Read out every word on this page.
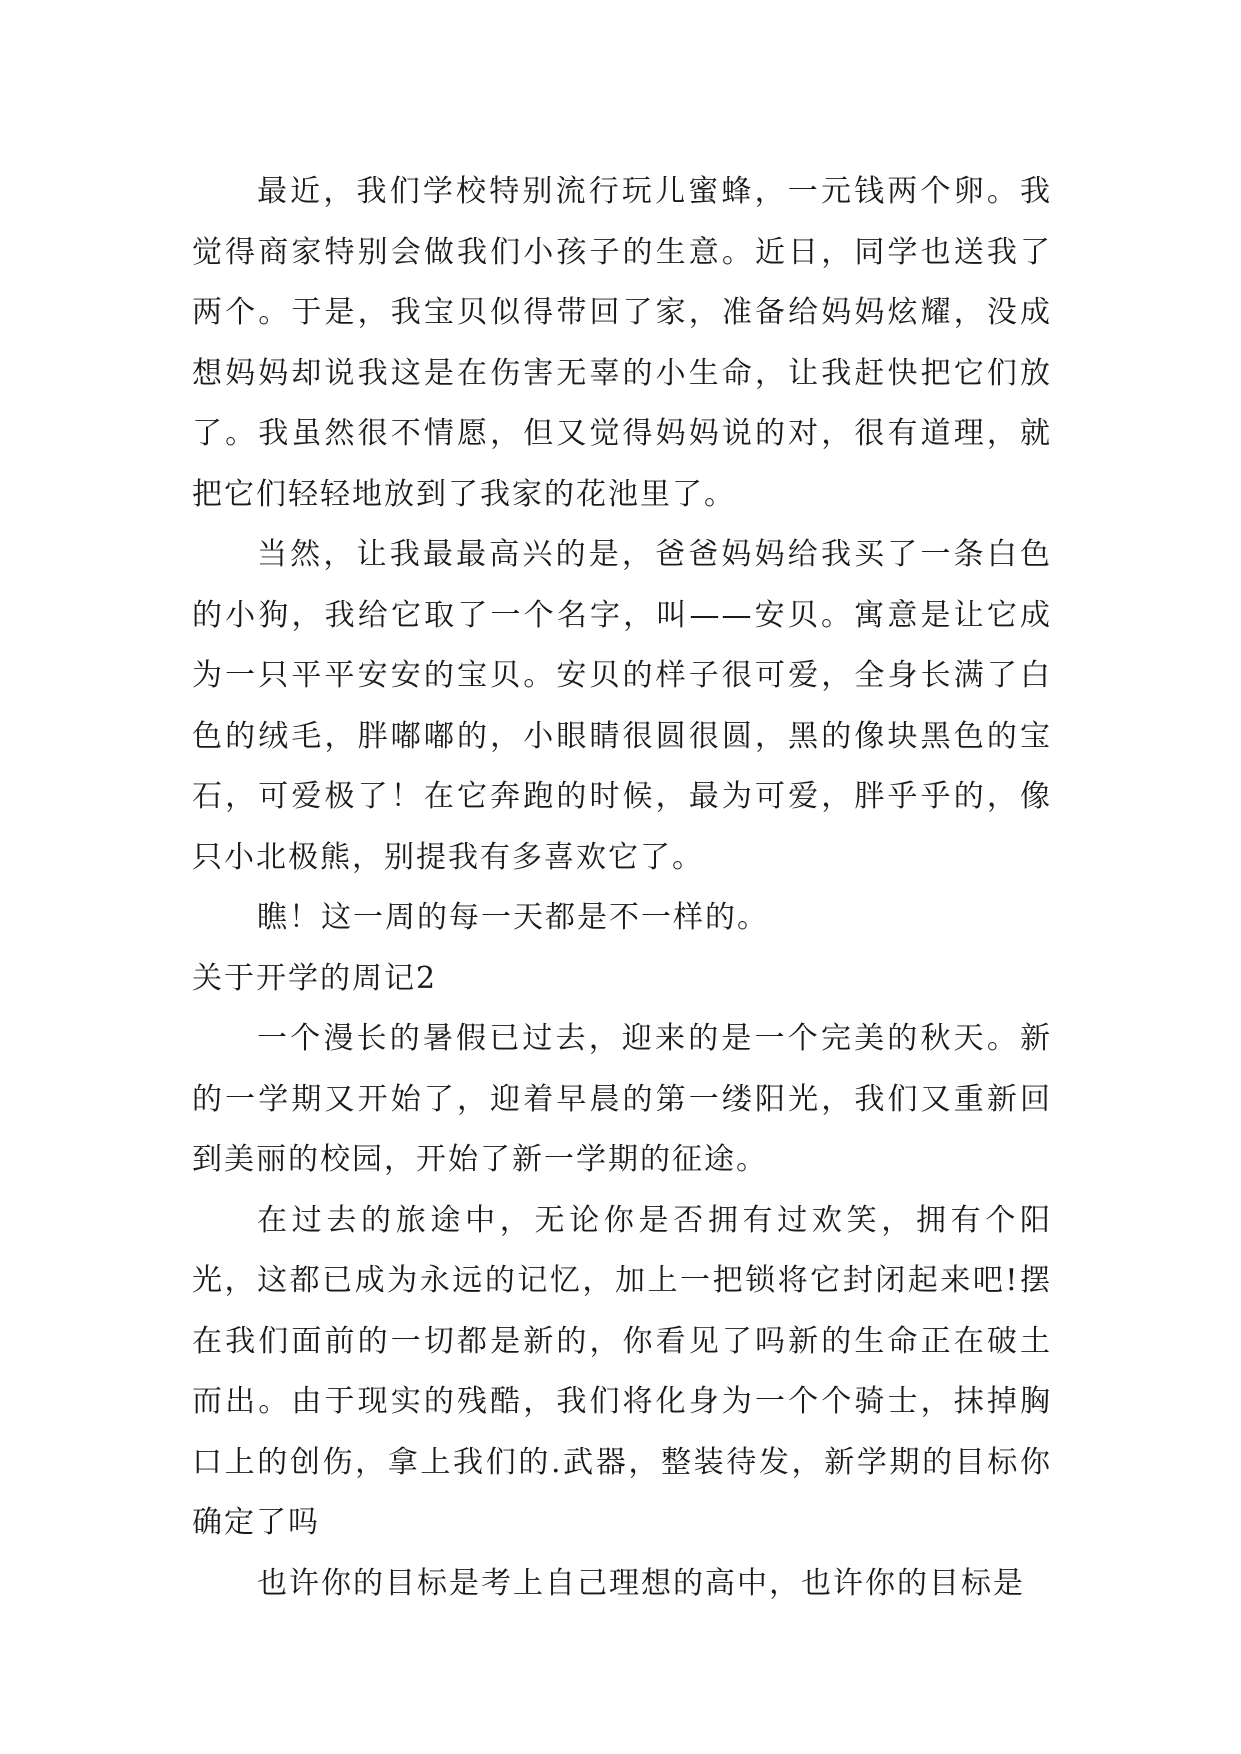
最近，我们学校特别流行玩儿蜜蜂，一元钱两个卵。我觉得商家特别会做我们小孩子的生意。近日，同学也送我了两个。于是，我宝贝似得带回了家，准备给妈妈炫耀，没成想妈妈却说我这是在伤害无辜的小生命，让我赶快把它们放了。我虽然很不情愿，但又觉得妈妈说的对，很有道理，就把它们轻轻地放到了我家的花池里了。

当然，让我最最高兴的是，爸爸妈妈给我买了一条白色的小狗，我给它取了一个名字，叫——安贝。寓意是让它成为一只平平安安的宝贝。安贝的样子很可爱，全身长满了白色的绒毛，胖嘟嘟的，小眼睛很圆很圆，黑的像块黑色的宝石，可爱极了！在它奔跑的时候，最为可爱，胖乎乎的，像只小北极熊，别提我有多喜欢它了。

瞧！这一周的每一天都是不一样的。

关于开学的周记2

一个漫长的暑假已过去，迎来的是一个完美的秋天。新的一学期又开始了，迎着早晨的第一缕阳光，我们又重新回到美丽的校园，开始了新一学期的征途。

在过去的旅途中，无论你是否拥有过欢笑，拥有个阳光，这都已成为永远的记忆，加上一把锁将它封闭起来吧!摆在我们面前的一切都是新的，你看见了吗新的生命正在破土而出。由于现实的残酷，我们将化身为一个个骑士，抹掉胸口上的创伤，拿上我们的.武器，整装待发，新学期的目标你确定了吗

也许你的目标是考上自己理想的高中，也许你的目标是
